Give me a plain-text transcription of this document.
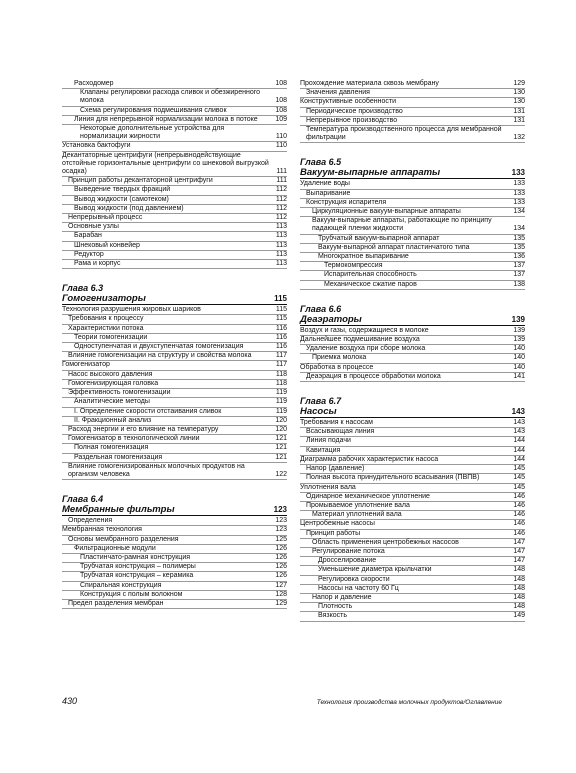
Расходомер	108
Клапаны регулировки расхода сливок и обезжиренного молока	108
Схема регулирования подмешивания сливок	108
Линия для непрерывной нормализации молока в потоке	109
Некоторые дополнительные устройства для нормализации жирности	110
Установка бактофуги	110
Декантаторные центрифуги (непрерывнодействующие отстойные горизонтальные центрифуги со шнековой выгрузкой осадка)	111
Принцип работы декантаторной центрифуги	111
Выведение твердых фракций	112
Вывод жидкости (самотеком)	112
Вывод жидкости (под давлением)	112
Непрерывный процесс	112
Основные узлы	113
Барабан	113
Шнековый конвейер	113
Редуктор	113
Рама и корпус	113
Глава 6.3
Гомогенизаторы	115
Технология разрушения жировых шариков	115
Требования к процессу	115
Характеристики потока	116
Теории гомогенизации	116
Одноступенчатая и двухступенчатая гомогенизация	116
Влияние гомогенизации на структуру и свойства молока	117
Гомогенизатор	117
Насос высокого давления	118
Гомогенизирующая головка	118
Эффективность гомогенизации	119
Аналитические методы	119
I. Определение скорости отстаивания сливок	119
II. Фракционный анализ	120
Расход энергии и его влияние на температуру	120
Гомогенизатор в технологической линии	121
Полная гомогенизация	121
Раздельная гомогенизация	121
Влияние гомогенизированных молочных продуктов на организм человека	122
Глава 6.4
Мембранные фильтры	123
Определения	123
Мембранная технология	123
Основы мембранного разделения	125
Фильтрационные модули	126
Пластинчато-рамная конструкция	126
Трубчатая конструкция – полимеры	126
Трубчатая конструкция – керамика	126
Спиральная конструкция	127
Конструкция с полым волокном	128
Предел разделения мембран	129
Прохождение материала сквозь мембрану	129
Значения давления	130
Конструктивные особенности	130
Периодическое производство	131
Непрерывное производство	131
Температура производственного процесса для мембранной фильтрации	132
Глава 6.5
Вакуум-выпарные аппараты	133
Удаление воды	133
Выпаривание	133
Конструкция испарителя	133
Циркуляционные вакуум-выпарные аппараты	134
Вакуум-выпарные аппараты, работающие по принципу падающей пленки жидкости	134
Трубчатый вакуум-выпарной аппарат	135
Вакуум-выпарной аппарат пластинчатого типа	135
Многократное выпаривание	136
Термокомпрессия	137
Испарительная способность	137
Механическое сжатие паров	138
Глава 6.6
Деаэраторы	139
Воздух и газы, содержащиеся в молоке	139
Дальнейшее подмешивание воздуха	139
Удаление воздуха при сборе молока	140
Приемка молока	140
Обработка в процессе	140
Деаэрация в процессе обработки молока	141
Глава 6.7
Насосы	143
Требования к насосам	143
Всасывающая линия	143
Линия подачи	144
Кавитация	144
Диаграмма рабочих характеристик насоса	144
Напор (давление)	145
Полная высота принудительного всасывания (ПВПВ)	145
Уплотнения вала	145
Одинарное механическое уплотнение	146
Промываемое уплотнение вала	146
Материал уплотнений вала	146
Центробежные насосы	146
Принцип работы	146
Область применения центробежных насосов	147
Регулирование потока	147
Дросселирование	147
Уменьшение диаметра крыльчатки	148
Регулировка скорости	148
Насосы на частоту 60 Гц	148
Напор и давление	148
Плотность	148
Вязкость	149
430	Технология производства молочных продуктов/Оглавление
